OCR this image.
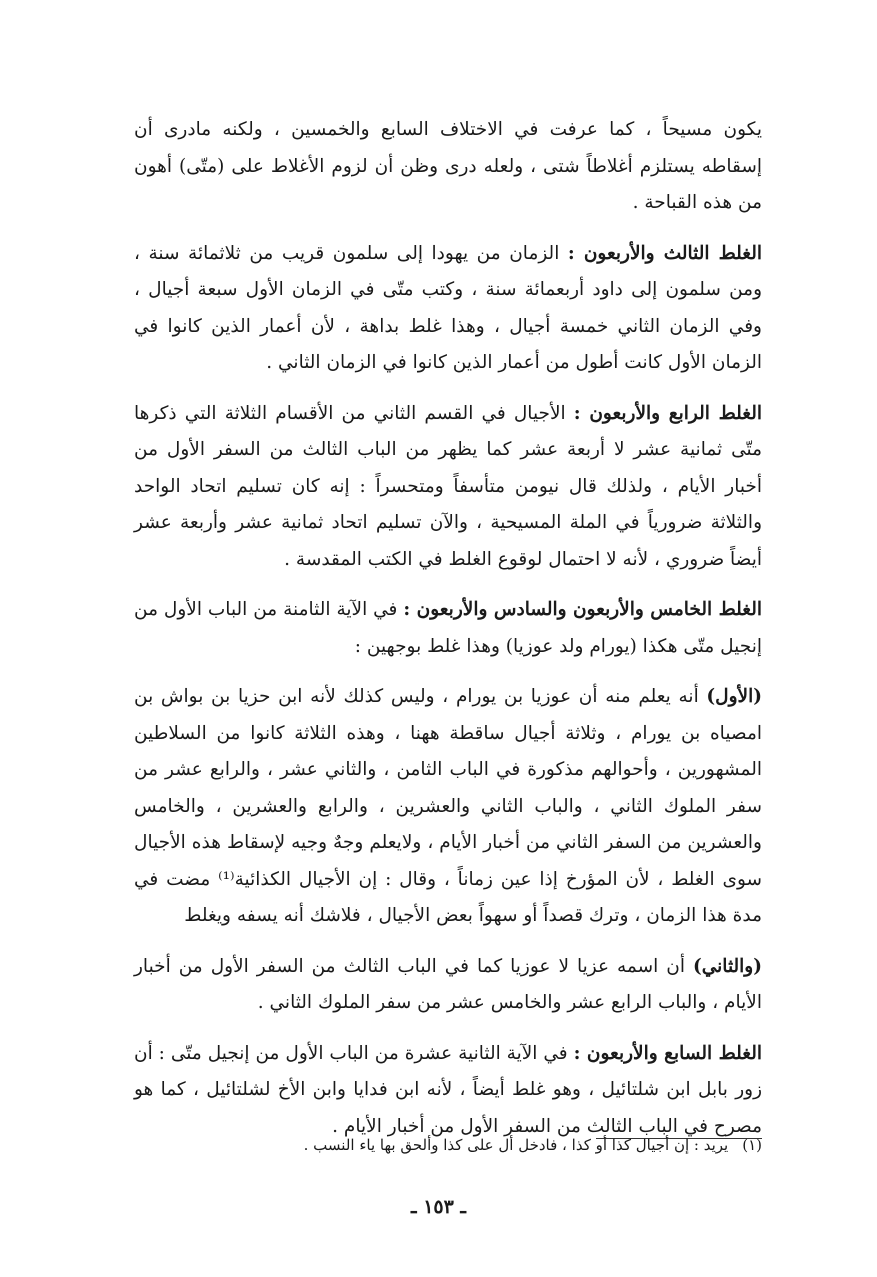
يكون مسيحاً ، كما عرفت في الاختلاف السابع والخمسين ، ولكنه مادرى أن إسقاطه يستلزم أغلاطاً شتى ، ولعله درى وظن أن لزوم الأغلاط على (متّى) أهون من هذه القباحة .

الغلط الثالث والأربعون : الزمان من يهودا إلى سلمون قريب من ثلاثمائة سنة ، ومن سلمون إلى داود أربعمائة سنة ، وكتب متّى في الزمان الأول سبعة أجيال ، وفي الزمان الثاني خمسة أجيال ، وهذا غلط بداهة ، لأن أعمار الذين كانوا في الزمان الأول كانت أطول من أعمار الذين كانوا في الزمان الثاني .

الغلط الرابع والأربعون : الأجيال في القسم الثاني من الأقسام الثلاثة التي ذكرها متّى ثمانية عشر لا أربعة عشر كما يظهر من الباب الثالث من السفر الأول من أخبار الأيام ، ولذلك قال نيومن متأسفاً ومتحسراً : إنه كان تسليم اتحاد الواحد والثلاثة ضرورياً في الملة المسيحية ، والآن تسليم اتحاد ثمانية عشر وأربعة عشر أيضاً ضروري ، لأنه لا احتمال لوقوع الغلط في الكتب المقدسة .

الغلط الخامس والأربعون والسادس والأربعون : في الآية الثامنة من الباب الأول من إنجيل متّى هكذا (يورام ولد عوزيا) وهذا غلط بوجهين :

(الأول) أنه يعلم منه أن عوزيا بن يورام ، وليس كذلك لأنه ابن حزيا بن بواش بن امصياه بن يورام ، وثلاثة أجيال ساقطة ههنا ، وهذه الثلاثة كانوا من السلاطين المشهورين ، وأحوالهم مذكورة في الباب الثامن ، والثاني عشر ، والرابع عشر من سفر الملوك الثاني ، والباب الثاني والعشرين ، والرابع والعشرين ، والخامس والعشرين من السفر الثاني من أخبار الأيام ، ولايعلم وجهٌ وجيه لإسقاط هذه الأجيال سوى الغلط ، لأن المؤرخ إذا عين زماناً ، وقال : إن الأجيال الكذائية⁽¹⁾ مضت في مدة هذا الزمان ، وترك قصداً أو سهواً بعض الأجيال ، فلاشك أنه يسفه ويغلط

(والثاني) أن اسمه عزيا لا عوزيا كما في الباب الثالث من السفر الأول من أخبار الأيام ، والباب الرابع عشر والخامس عشر من سفر الملوك الثاني .

الغلط السابع والأربعون : في الآية الثانية عشرة من الباب الأول من إنجيل متّى : أن زور بابل ابن شلتائيل ، وهو غلط أيضاً ، لأنه ابن فدايا وابن الأخ لشلتائيل ، كما هو مصرح في الباب الثالث من السفر الأول من أخبار الأيام .

(١)يريد : إن أجيال كذا أو كذا ، فادخل أل على كذا وألحق بها ياء النسب .

ـ ١٥٣ ـ
